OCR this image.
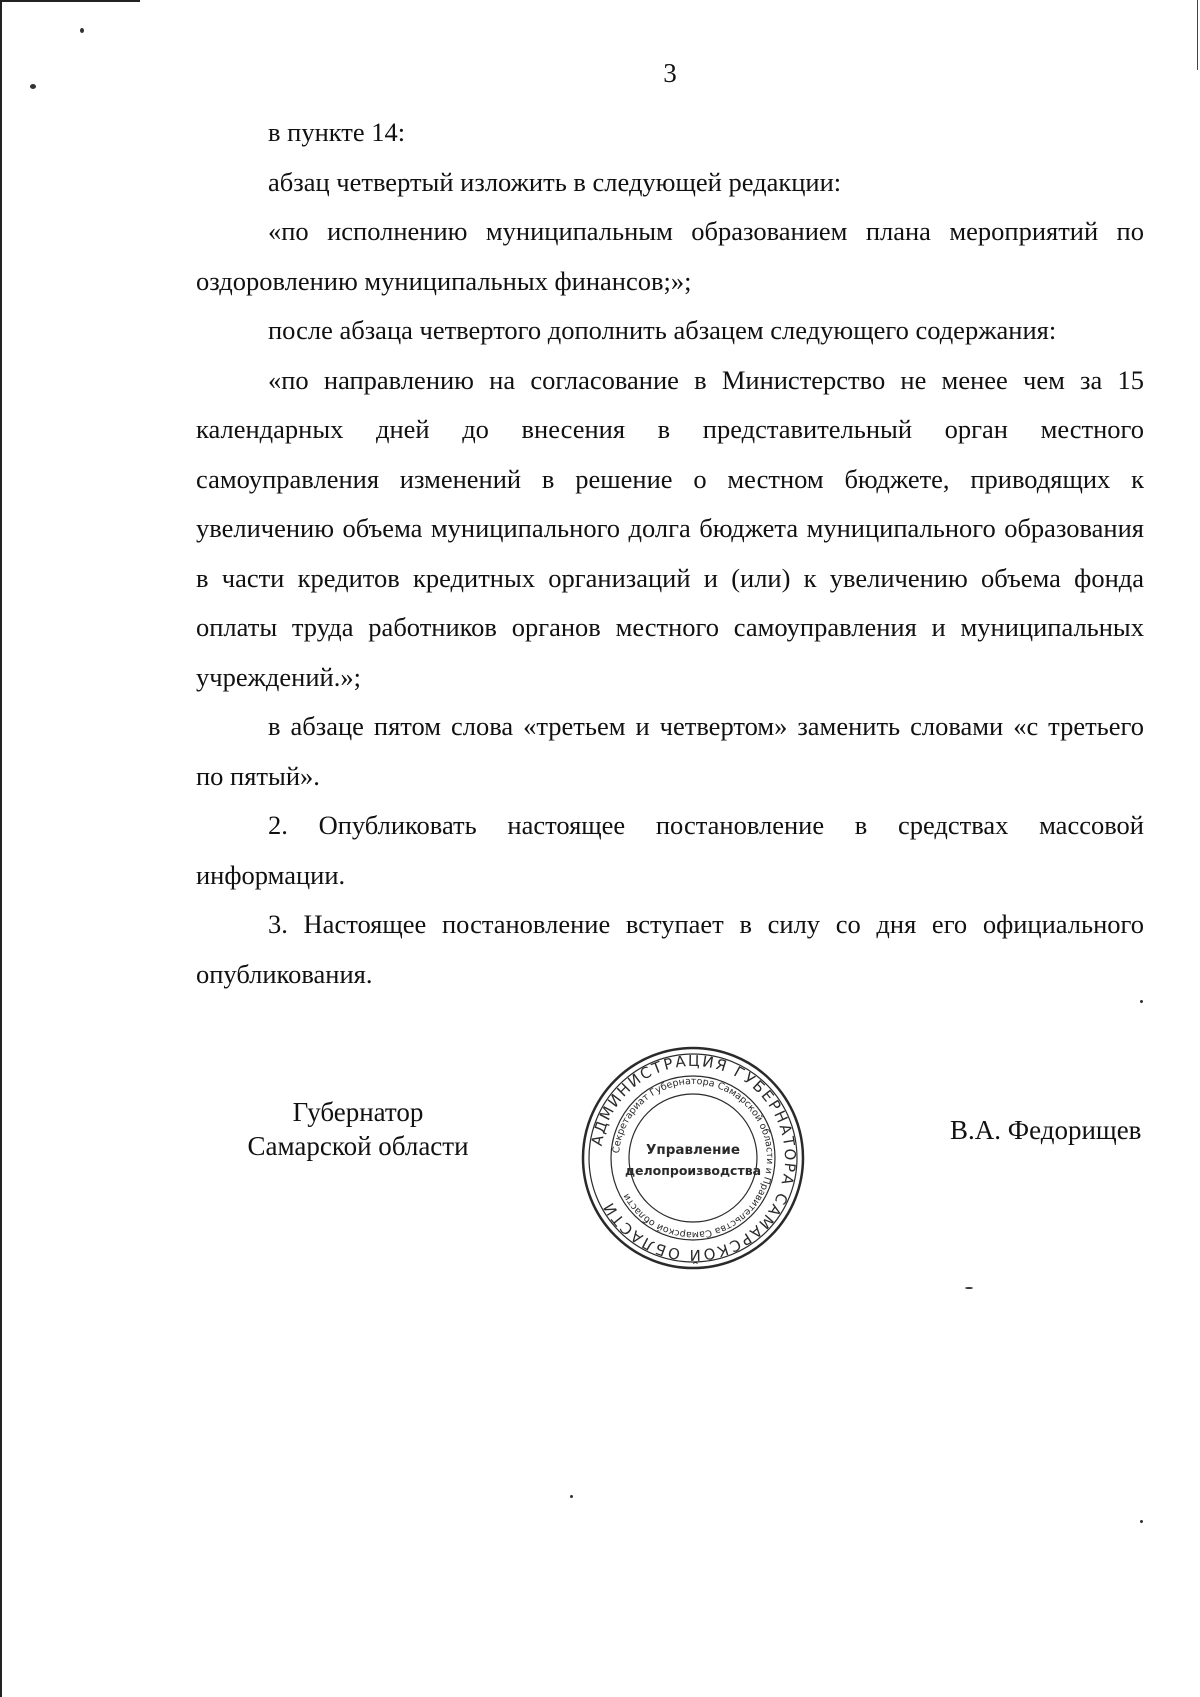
3

в пункте 14:

абзац четвертый изложить в следующей редакции:

«по исполнению муниципальным образованием плана мероприятий по оздоровлению муниципальных финансов;»;

после абзаца четвертого дополнить абзацем следующего содержания:

«по направлению на согласование в Министерство не менее чем за 15 календарных дней до внесения в представительный орган местного самоуправления изменений в решение о местном бюджете, приводящих к увеличению объема муниципального долга бюджета муниципального образования в части кредитов кредитных организаций и (или) к увеличению объема фонда оплаты труда работников органов местного самоуправления и муниципальных учреждений.»;

в абзаце пятом слова «третьем и четвертом» заменить словами «с третьего по пятый».

2. Опубликовать настоящее постановление в средствах массовой информации.

3. Настоящее постановление вступает в силу со дня его официального опубликования.

Губернатор
Самарской области	АДМИНИСТРАЦИЯ ГУБЕРНАТОРА САМАРСКОЙ ОБЛАСТИ
Секретариат Губернатора Самарской области и Правительства Самарской области
Управление
делопроизводства
В.А. Федорищев
